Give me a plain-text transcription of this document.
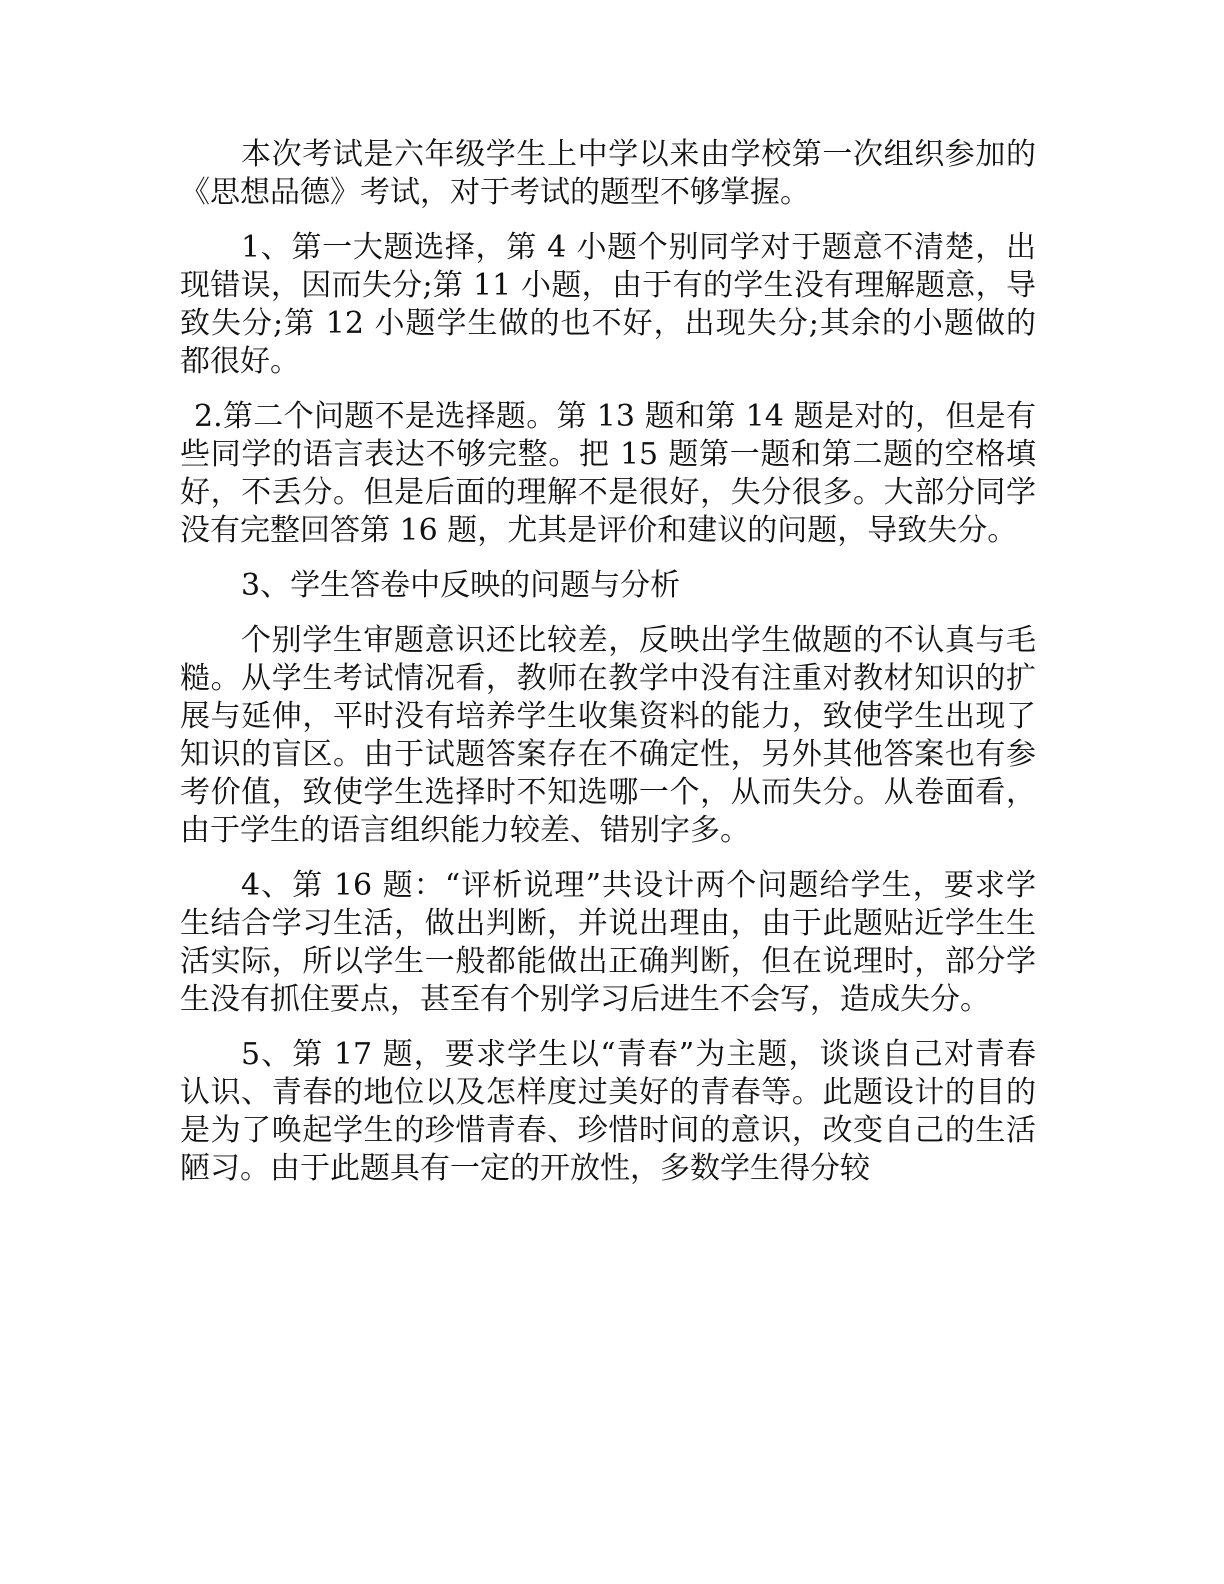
本次考试是六年级学生上中学以来由学校第一次组织参加的《思想品德》考试，对于考试的题型不够掌握。

1、第一大题选择，第 4 小题个别同学对于题意不清楚，出现错误，因而失分;第 11 小题，由于有的学生没有理解题意，导致失分;第 12 小题学生做的也不好，出现失分;其余的小题做的都很好。

2.第二个问题不是选择题。第 13 题和第 14 题是对的，但是有些同学的语言表达不够完整。把 15 题第一题和第二题的空格填好，不丢分。但是后面的理解不是很好，失分很多。大部分同学没有完整回答第 16 题，尤其是评价和建议的问题，导致失分。

3、学生答卷中反映的问题与分析

个别学生审题意识还比较差，反映出学生做题的不认真与毛糙。从学生考试情况看，教师在教学中没有注重对教材知识的扩展与延伸，平时没有培养学生收集资料的能力，致使学生出现了知识的盲区。由于试题答案存在不确定性，另外其他答案也有参考价值，致使学生选择时不知选哪一个，从而失分。从卷面看，由于学生的语言组织能力较差、错别字多。

4、第 16 题：“评析说理”共设计两个问题给学生，要求学生结合学习生活，做出判断，并说出理由，由于此题贴近学生生活实际，所以学生一般都能做出正确判断，但在说理时，部分学生没有抓住要点，甚至有个别学习后进生不会写，造成失分。

5、第 17 题，要求学生以“青春”为主题，谈谈自己对青春认识、青春的地位以及怎样度过美好的青春等。此题设计的目的是为了唤起学生的珍惜青春、珍惜时间的意识，改变自己的生活陋习。由于此题具有一定的开放性，多数学生得分较
